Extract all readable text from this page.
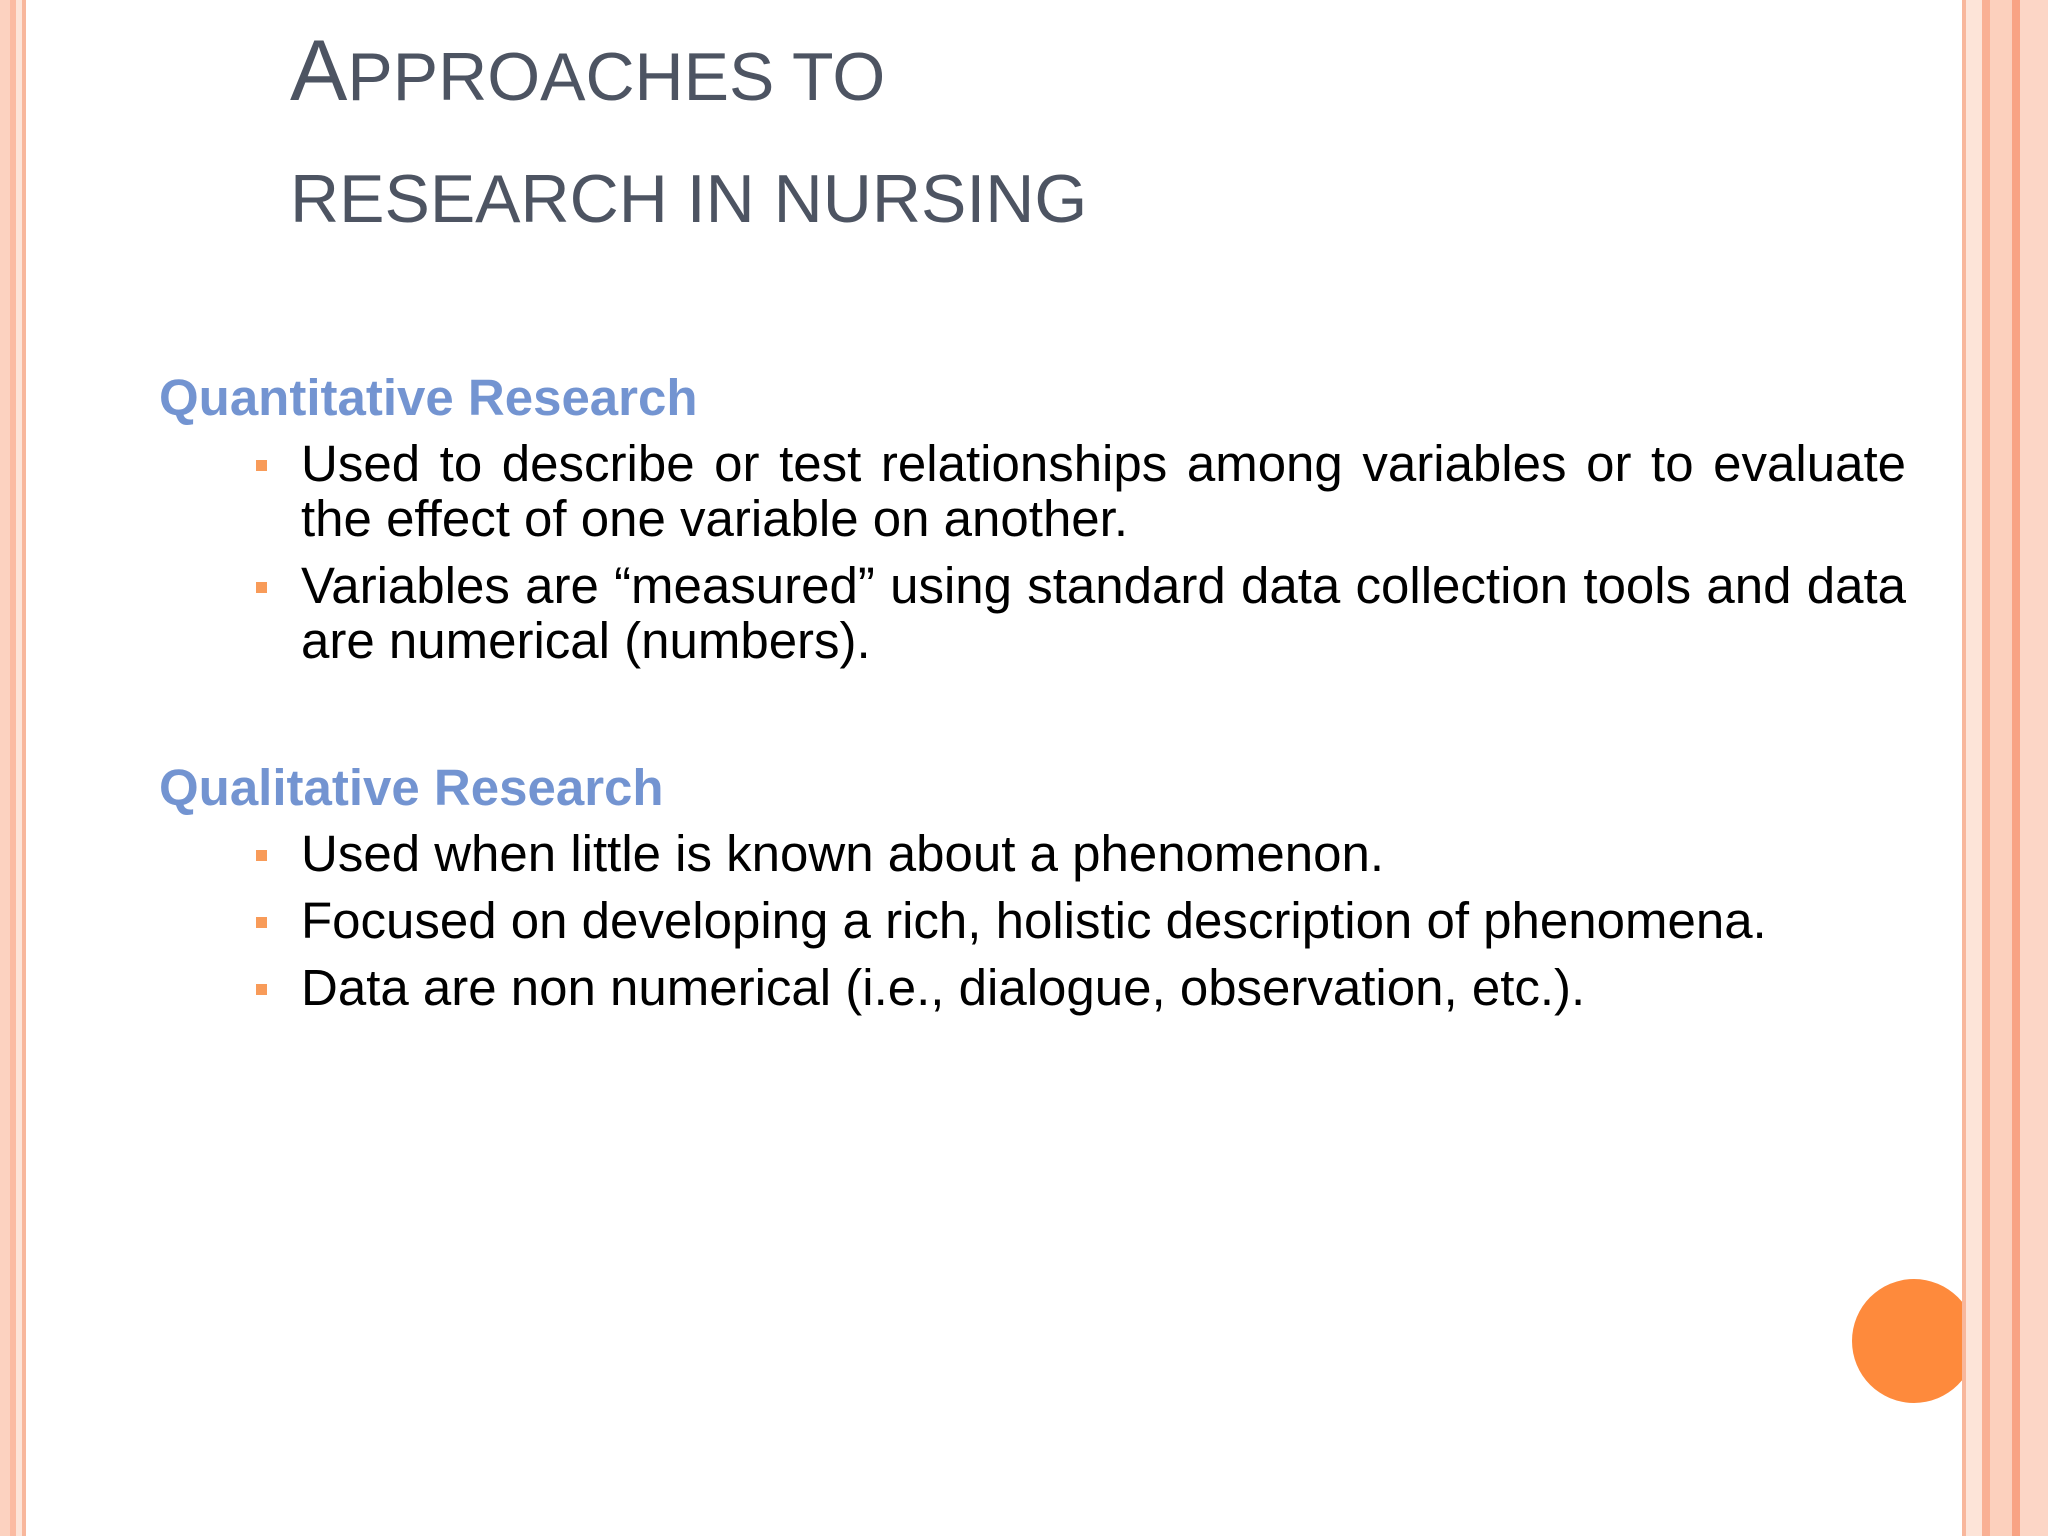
APPROACHES TO
RESEARCH IN NURSING
Quantitative Research
Used to describe or test relationships among variables or to evaluate the effect of one variable on another.
Variables are “measured” using standard data collection tools and data are numerical (numbers).
Qualitative Research
Used when little is known about a phenomenon.
Focused on developing a rich, holistic description of phenomena.
Data are non numerical (i.e., dialogue, observation, etc.).
